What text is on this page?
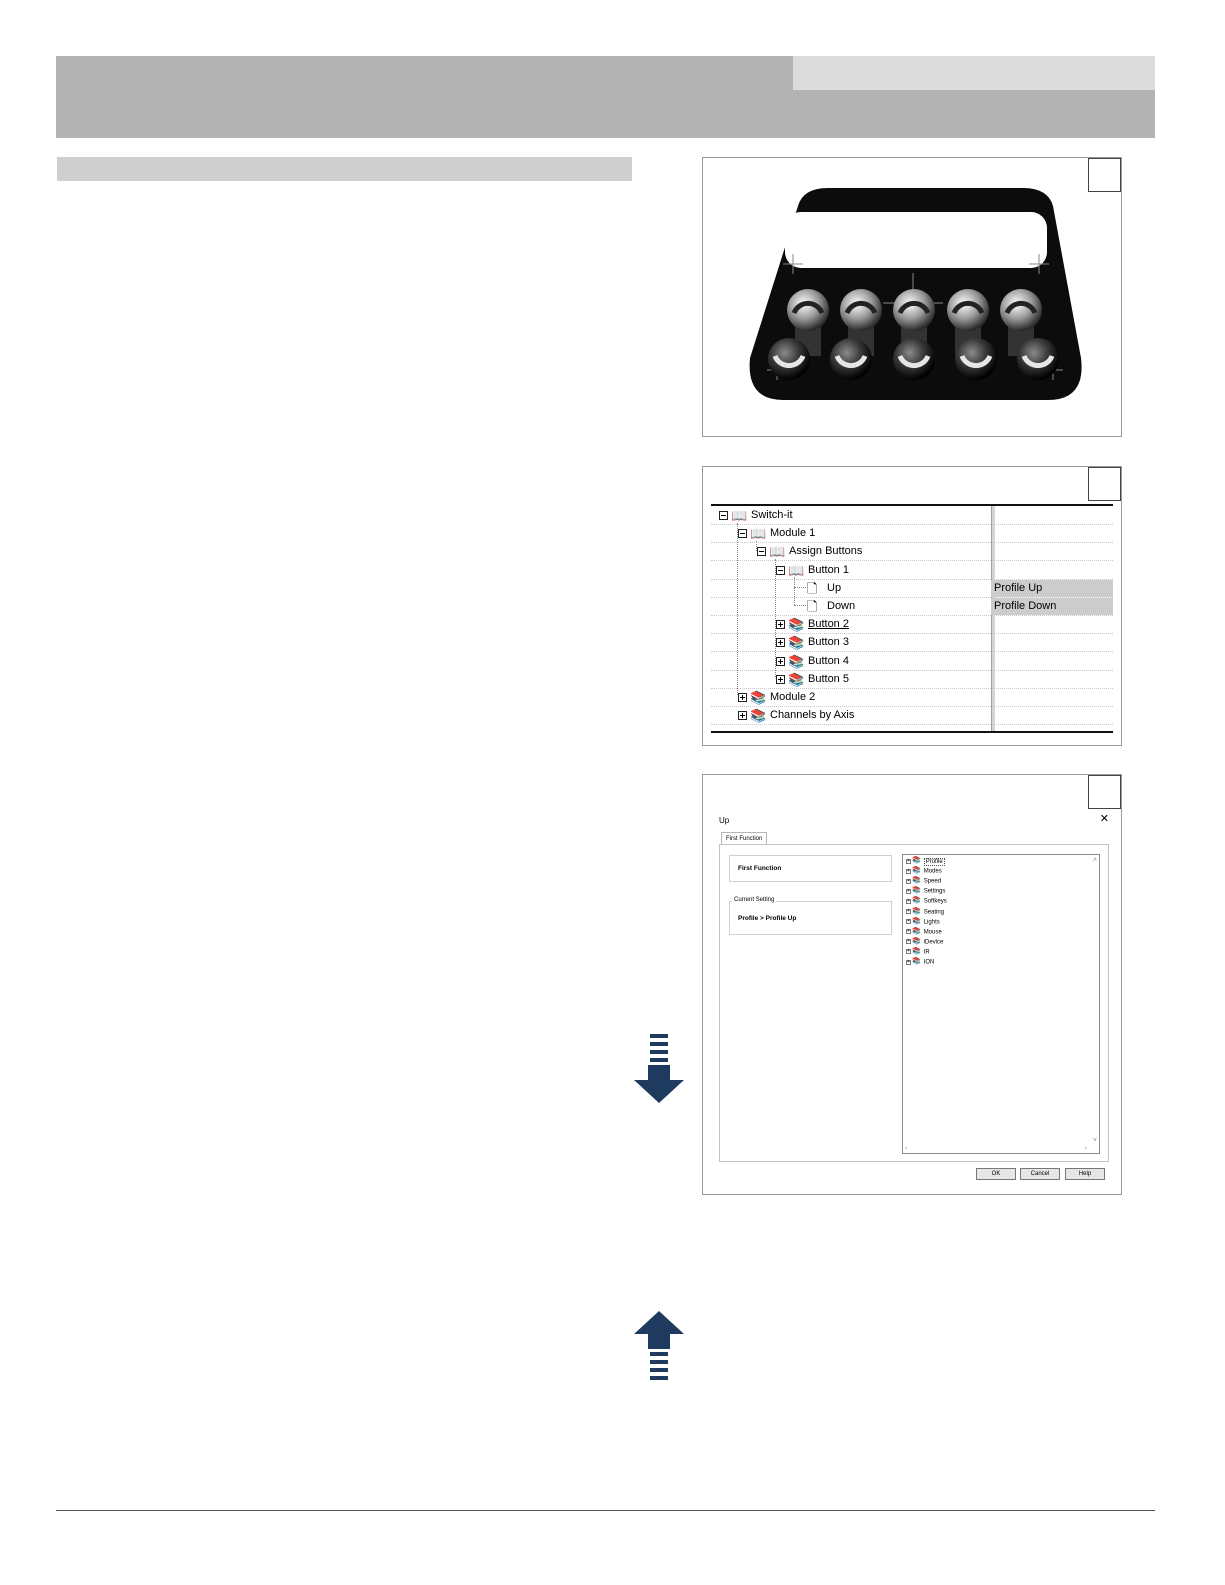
📖 Switch-it
📖 Module 1
📖 Assign Buttons
📖 Button 1
🗋 Up	Profile Up
🗋 Down	Profile Down
📚 Button 2
📚 Button 3
📚 Button 4
📚 Button 5
📚 Module 2
📚 Channels by Axis
Up	✕
First Function
First Function
Profile > Profile Up
Current Setting
+ 📚 Profile
+ 📚 Modes
+ 📚 Speed
+ 📚 Settings
+ 📚 Softkeys
+ 📚 Seating
+ 📚 Lights
+ 📚 Mouse
+ 📚 iDevice
+ 📚 IR
+ 📚 ION
˄
˅
‹	›
OK	Cancel	Help
